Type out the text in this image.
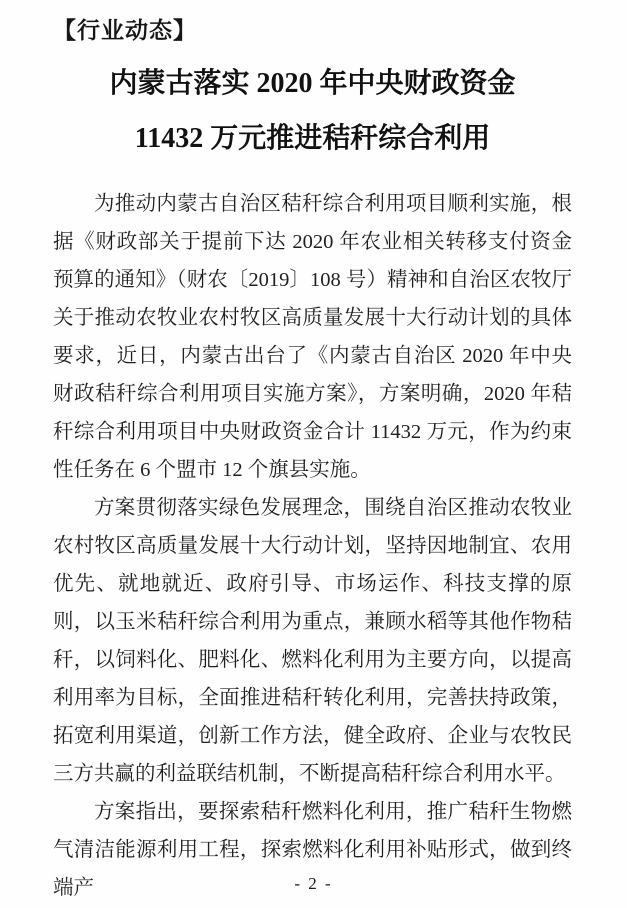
【行业动态】
内蒙古落实 2020 年中央财政资金
11432 万元推进秸秆综合利用

为推动内蒙古自治区秸秆综合利用项目顺利实施，根据《财政部关于提前下达 2020 年农业相关转移支付资金预算的通知》（财农〔2019〕108 号）精神和自治区农牧厅关于推动农牧业农村牧区高质量发展十大行动计划的具体要求，近日，内蒙古出台了《内蒙古自治区 2020 年中央财政秸秆综合利用项目实施方案》，方案明确，2020 年秸秆综合利用项目中央财政资金合计 11432 万元，作为约束性任务在 6 个盟市 12 个旗县实施。

方案贯彻落实绿色发展理念，围绕自治区推动农牧业农村牧区高质量发展十大行动计划，坚持因地制宜、农用优先、就地就近、政府引导、市场运作、科技支撑的原则，以玉米秸秆综合利用为重点，兼顾水稻等其他作物秸秆，以饲料化、肥料化、燃料化利用为主要方向，以提高利用率为目标，全面推进秸秆转化利用，完善扶持政策，拓宽利用渠道，创新工作方法，健全政府、企业与农牧民三方共赢的利益联结机制，不断提高秸秆综合利用水平。

方案指出，要探索秸秆燃料化利用，推广秸秆生物燃气清洁能源利用工程，探索燃料化利用补贴形式，做到终端产	- 2 -
